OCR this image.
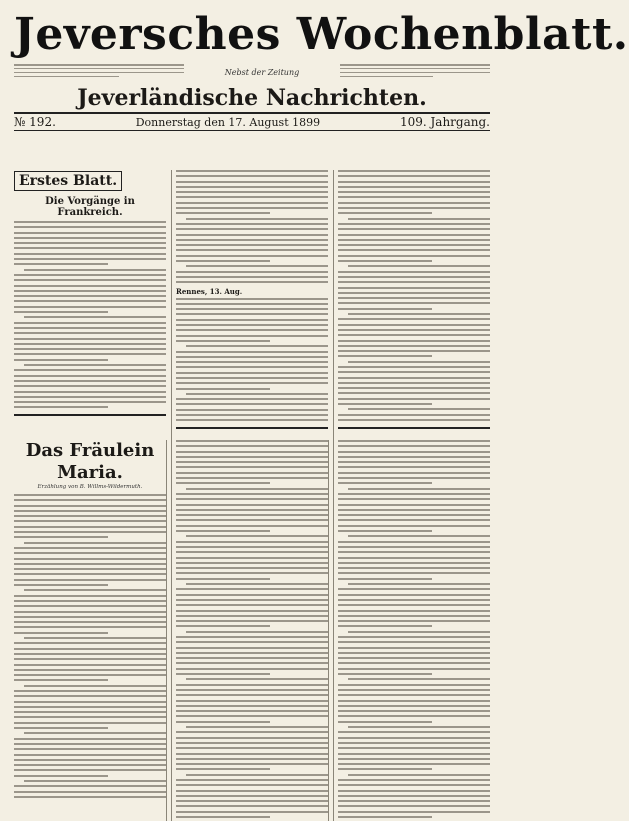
Jeversches Wochenblatt.
Nebst der Zeitung
Jeverländische Nachrichten.
№ 192.	Donnerstag den 17. August 1899	109. Jahrgang.
Erstes Blatt.
Die Vorgänge in Frankreich.
Rennes, 13. Aug.
Das Fräulein Maria.
Erzählung von B. Willms-Wildermuth.
